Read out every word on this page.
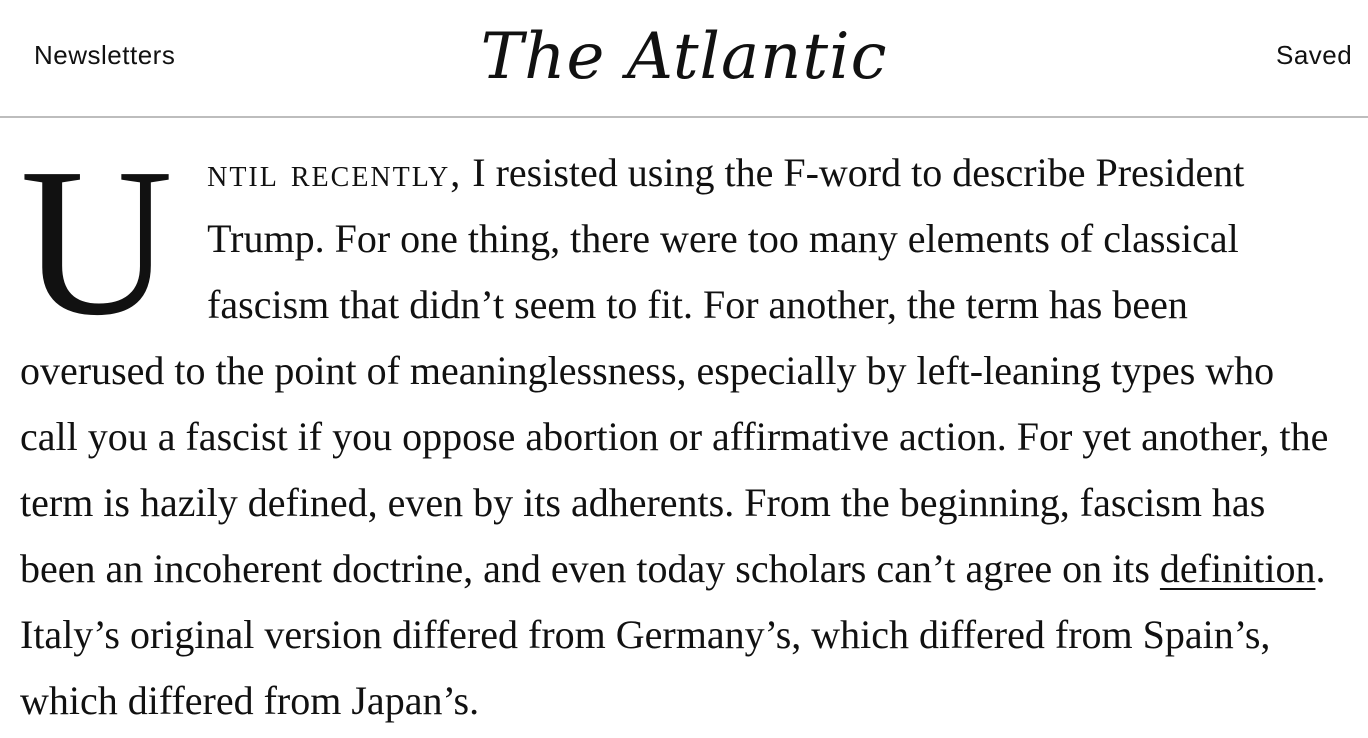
Newsletters	The Atlantic	Saved

Until recently, I resisted using the F-word to describe President Trump. For one thing, there were too many elements of classical fascism that didn’t seem to fit. For another, the term has been overused to the point of meaninglessness, especially by left-leaning types who call you a fascist if you oppose abortion or affirmative action. For yet another, the term is hazily defined, even by its adherents. From the beginning, fascism has been an incoherent doctrine, and even today scholars can’t agree on its definition. Italy’s original version differed from Germany’s, which differed from Spain’s, which differed from Japan’s.
